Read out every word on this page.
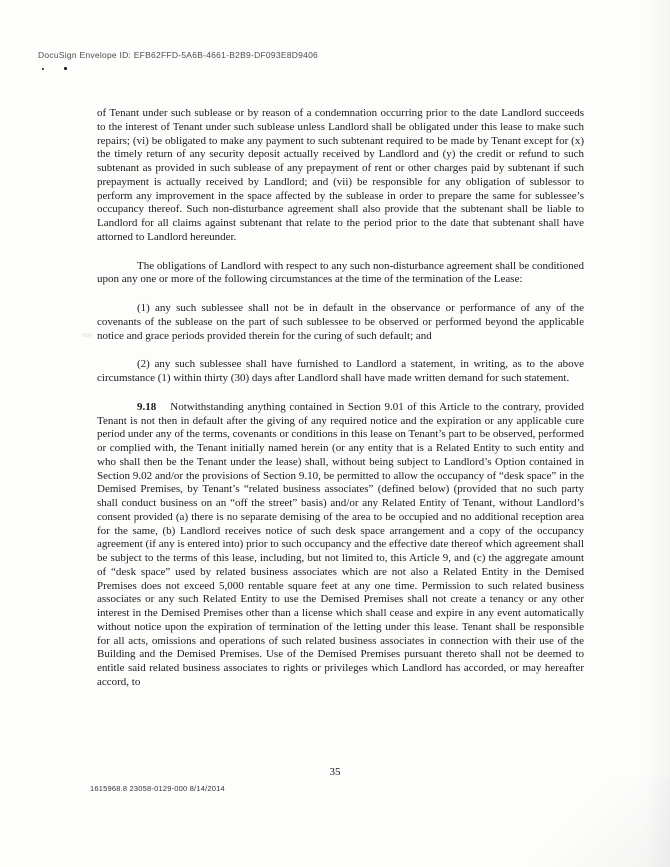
DocuSign Envelope ID: EFB62FFD-5A6B-4661-B2B9-DF093E8D9406

of Tenant under such sublease or by reason of a condemnation occurring prior to the date Landlord succeeds to the interest of Tenant under such sublease unless Landlord shall be obligated under this lease to make such repairs; (vi) be obligated to make any payment to such subtenant required to be made by Tenant except for (x) the timely return of any security deposit actually received by Landlord and (y) the credit or refund to such subtenant as provided in such sublease of any prepayment of rent or other charges paid by subtenant if such prepayment is actually received by Landlord; and (vii) be responsible for any obligation of sublessor to perform any improvement in the space affected by the sublease in order to prepare the same for sublessee’s occupancy thereof. Such non-disturbance agreement shall also provide that the subtenant shall be liable to Landlord for all claims against subtenant that relate to the period prior to the date that subtenant shall have attorned to Landlord hereunder.

The obligations of Landlord with respect to any such non-disturbance agreement shall be conditioned upon any one or more of the following circumstances at the time of the termination of the Lease:

(1) any such sublessee shall not be in default in the observance or performance of any of the covenants of the sublease on the part of such sublessee to be observed or performed beyond the applicable notice and grace periods provided therein for the curing of such default; and

(2) any such sublessee shall have furnished to Landlord a statement, in writing, as to the above circumstance (1) within thirty (30) days after Landlord shall have made written demand for such statement.

9.18 Notwithstanding anything contained in Section 9.01 of this Article to the contrary, provided Tenant is not then in default after the giving of any required notice and the expiration or any applicable cure period under any of the terms, covenants or conditions in this lease on Tenant’s part to be observed, performed or complied with, the Tenant initially named herein (or any entity that is a Related Entity to such entity and who shall then be the Tenant under the lease) shall, without being subject to Landlord’s Option contained in Section 9.02 and/or the provisions of Section 9.10, be permitted to allow the occupancy of “desk space” in the Demised Premises, by Tenant’s “related business associates” (defined below) (provided that no such party shall conduct business on an “off the street” basis) and/or any Related Entity of Tenant, without Landlord’s consent provided (a) there is no separate demising of the area to be occupied and no additional reception area for the same, (b) Landlord receives notice of such desk space arrangement and a copy of the occupancy agreement (if any is entered into) prior to such occupancy and the effective date thereof which agreement shall be subject to the terms of this lease, including, but not limited to, this Article 9, and (c) the aggregate amount of “desk space” used by related business associates which are not also a Related Entity in the Demised Premises does not exceed 5,000 rentable square feet at any one time. Permission to such related business associates or any such Related Entity to use the Demised Premises shall not create a tenancy or any other interest in the Demised Premises other than a license which shall cease and expire in any event automatically without notice upon the expiration of termination of the letting under this lease. Tenant shall be responsible for all acts, omissions and operations of such related business associates in connection with their use of the Building and the Demised Premises. Use of the Demised Premises pursuant thereto shall not be deemed to entitle said related business associates to rights or privileges which Landlord has accorded, or may hereafter accord, to

35
1615968.8 23058-0129-000 8/14/2014
